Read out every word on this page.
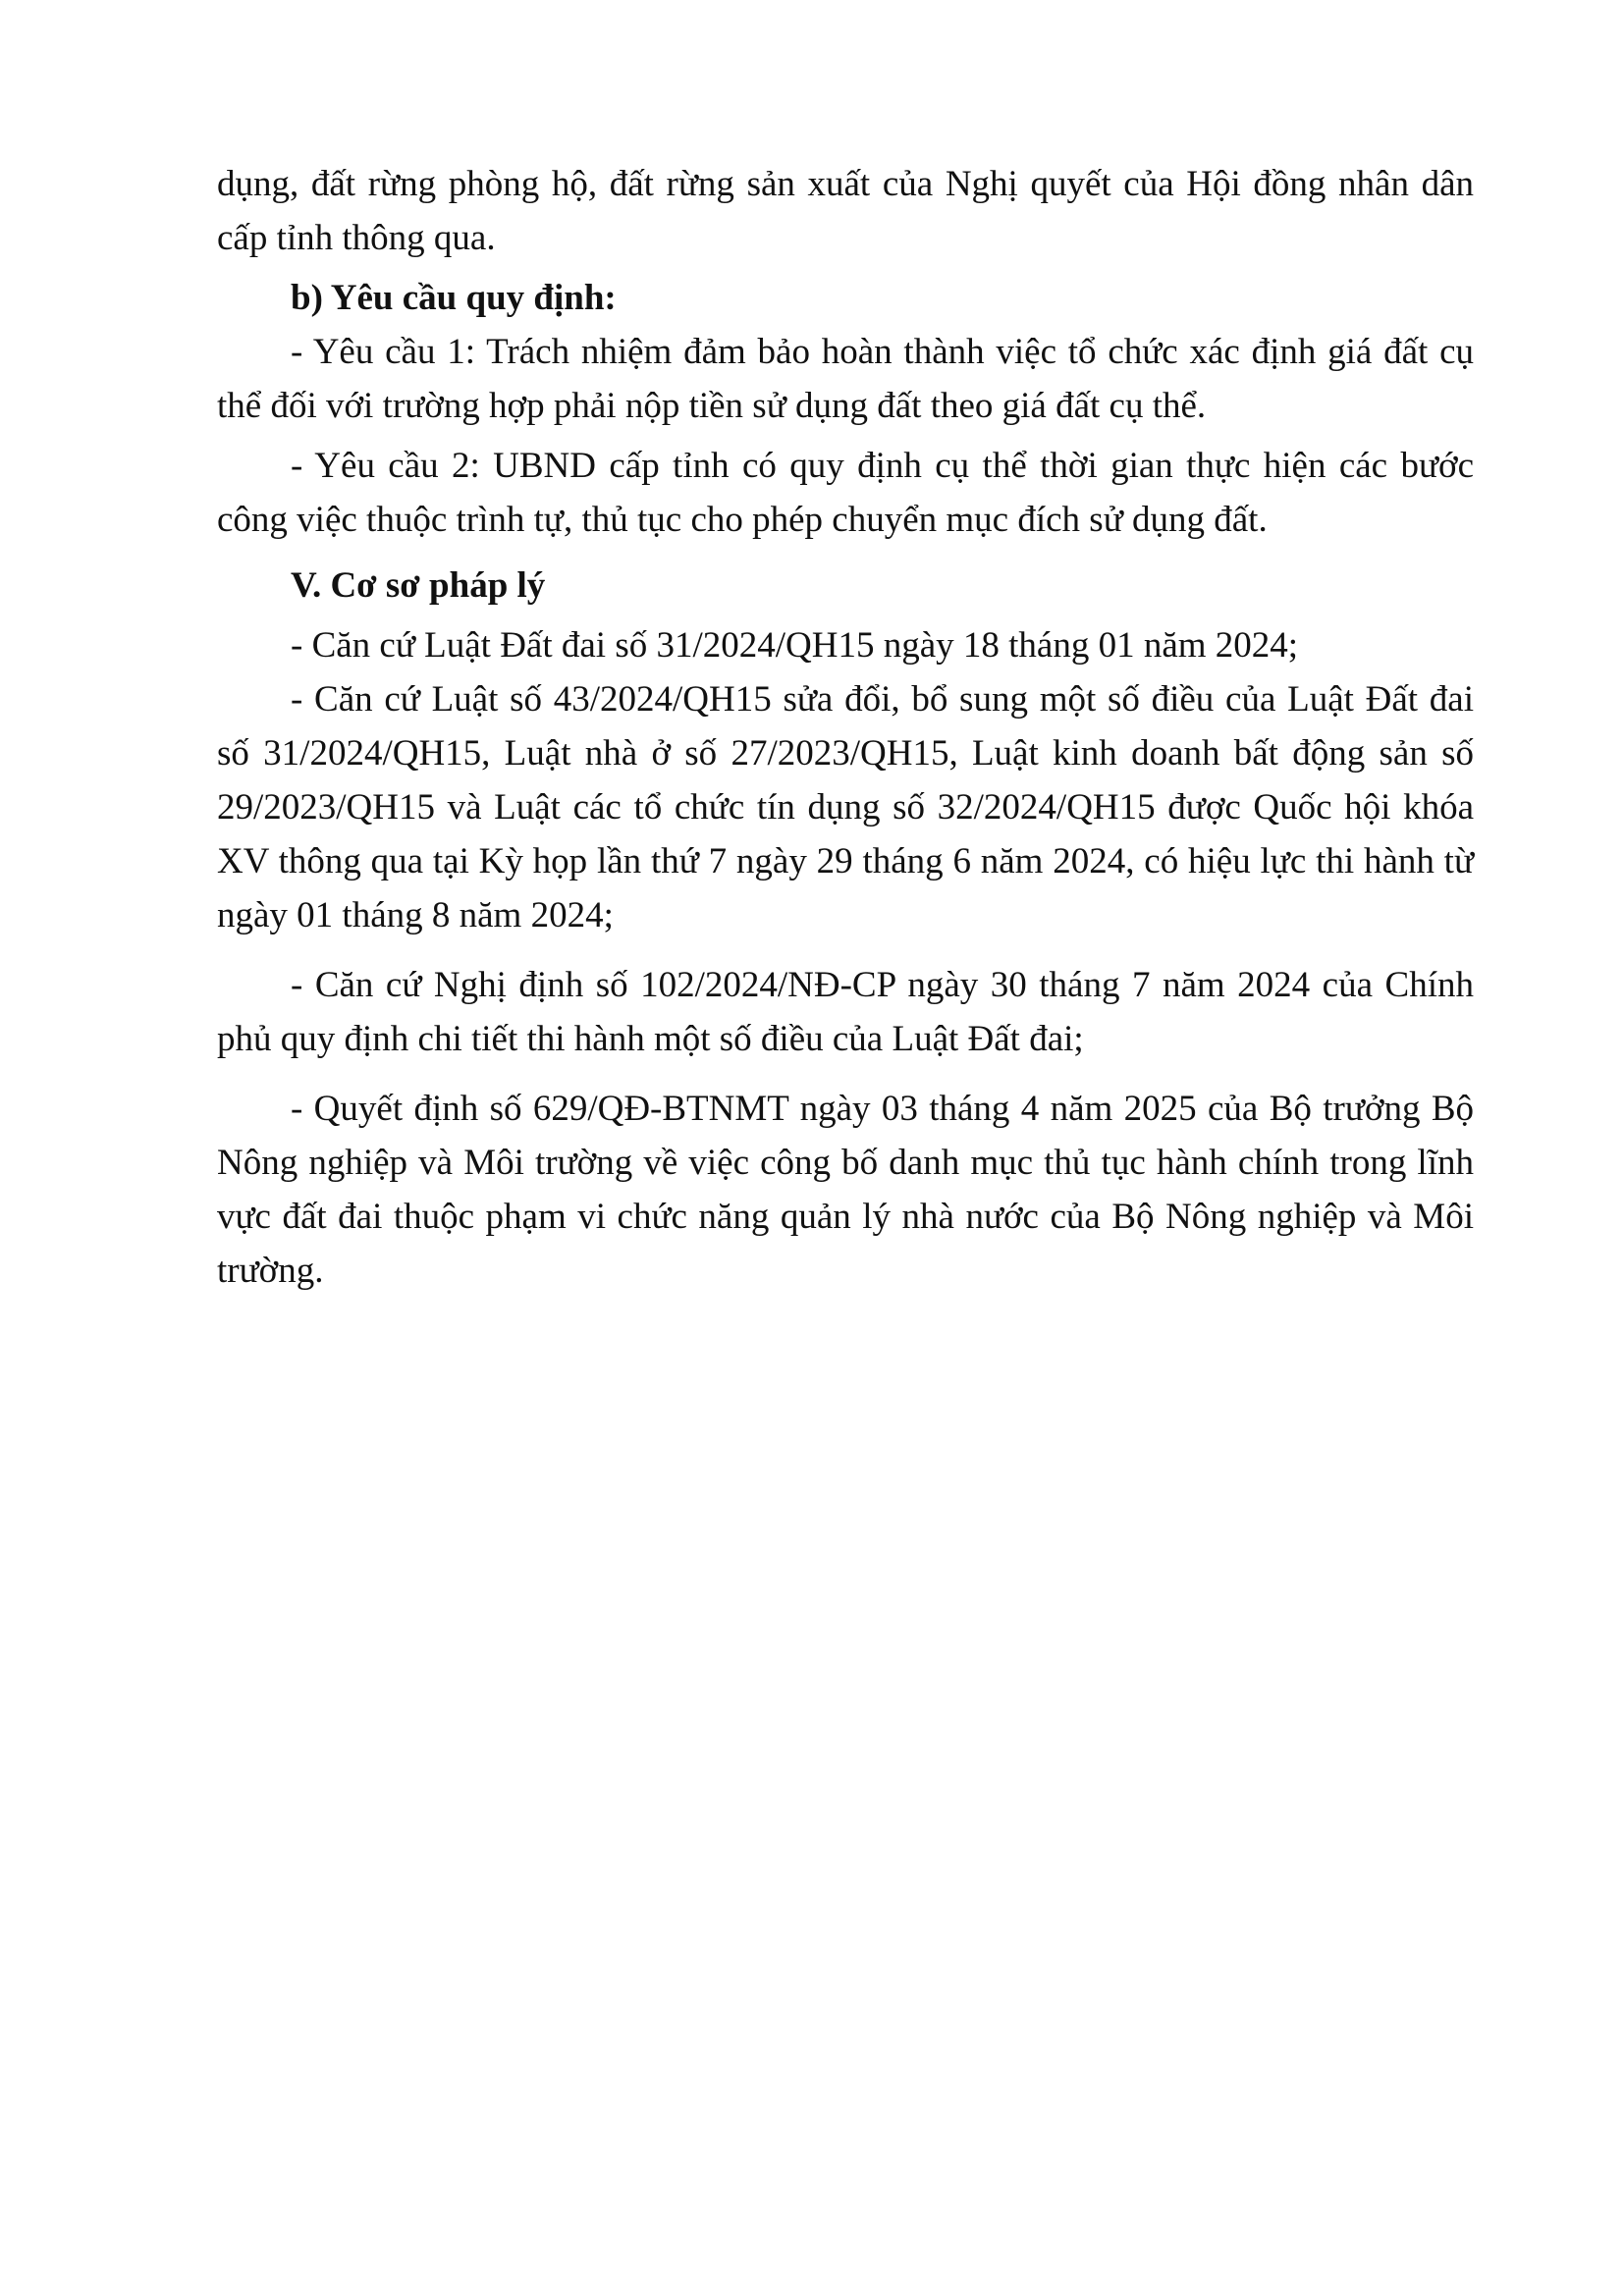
dụng, đất rừng phòng hộ, đất rừng sản xuất của Nghị quyết của Hội đồng nhân dân cấp tỉnh thông qua.

b) Yêu cầu quy định:

- Yêu cầu 1: Trách nhiệm đảm bảo hoàn thành việc tổ chức xác định giá đất cụ thể đối với trường hợp phải nộp tiền sử dụng đất theo giá đất cụ thể.

- Yêu cầu 2: UBND cấp tỉnh có quy định cụ thể thời gian thực hiện các bước công việc thuộc trình tự, thủ tục cho phép chuyển mục đích sử dụng đất.

V. Cơ sơ pháp lý

- Căn cứ Luật Đất đai số 31/2024/QH15 ngày 18 tháng 01 năm 2024;

- Căn cứ Luật số 43/2024/QH15 sửa đổi, bổ sung một số điều của Luật Đất đai số 31/2024/QH15, Luật nhà ở số 27/2023/QH15, Luật kinh doanh bất động sản số 29/2023/QH15 và Luật các tổ chức tín dụng số 32/2024/QH15 được Quốc hội khóa XV thông qua tại Kỳ họp lần thứ 7 ngày 29 tháng 6 năm 2024, có hiệu lực thi hành từ ngày 01 tháng 8 năm 2024;

- Căn cứ Nghị định số 102/2024/NĐ-CP ngày 30 tháng 7 năm 2024 của Chính phủ quy định chi tiết thi hành một số điều của Luật Đất đai;

- Quyết định số 629/QĐ-BTNMT ngày 03 tháng 4 năm 2025 của Bộ trưởng Bộ Nông nghiệp và Môi trường về việc công bố danh mục thủ tục hành chính trong lĩnh vực đất đai thuộc phạm vi chức năng quản lý nhà nước của Bộ Nông nghiệp và Môi trường.
